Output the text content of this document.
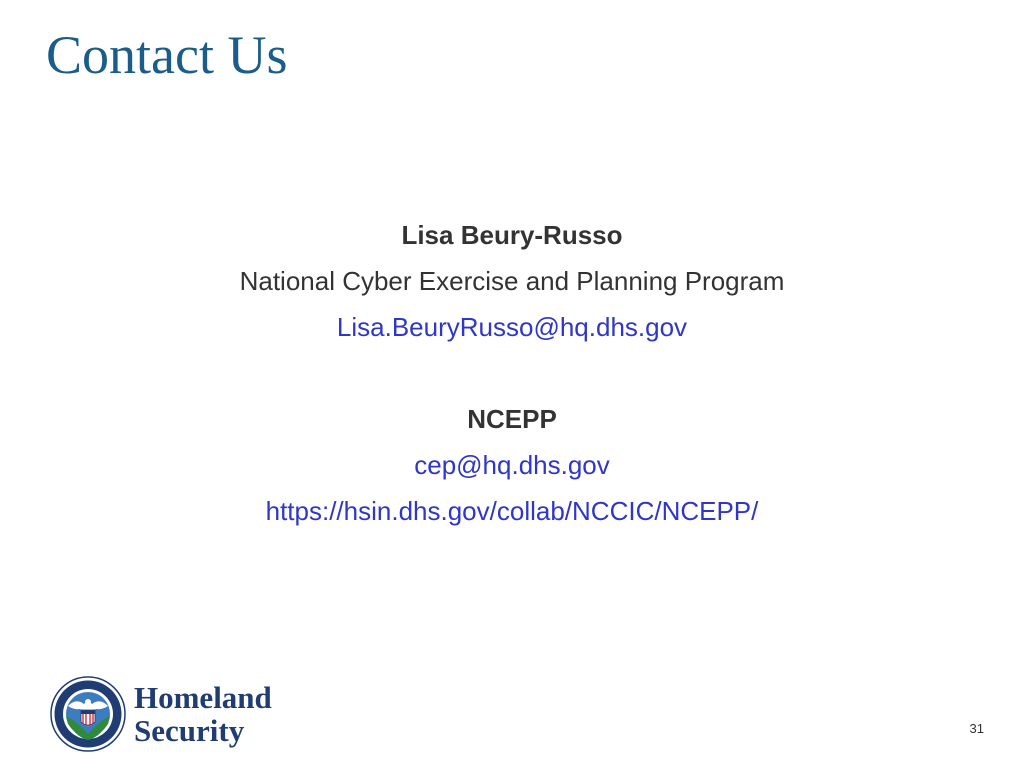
Contact Us
Lisa Beury-Russo
National Cyber Exercise and Planning Program
Lisa.BeuryRusso@hq.dhs.gov
NCEPP
cep@hq.dhs.gov
https://hsin.dhs.gov/collab/NCCIC/NCEPP/
Homeland
Security	31
